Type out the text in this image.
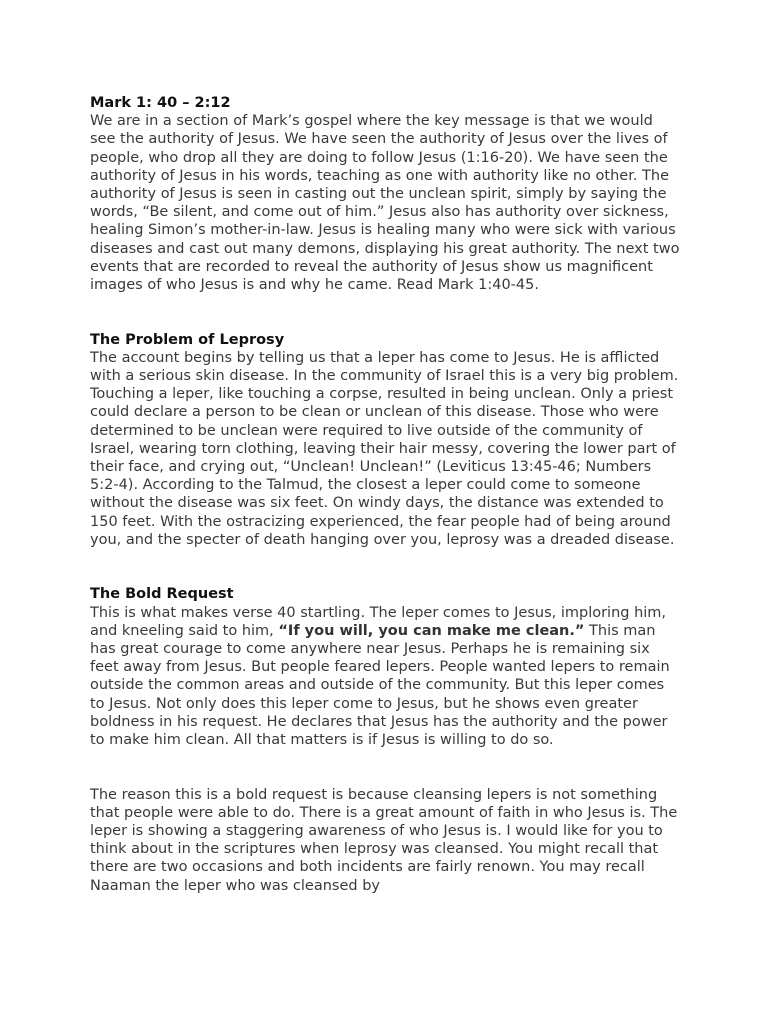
Mark 1: 40 – 2:12

We are in a section of Mark’s gospel where the key message is that we would see the authority of Jesus. We have seen the authority of Jesus over the lives of people, who drop all they are doing to follow Jesus (1:16-20). We have seen the authority of Jesus in his words, teaching as one with authority like no other. The authority of Jesus is seen in casting out the unclean spirit, simply by saying the words, “Be silent, and come out of him.” Jesus also has authority over sickness, healing Simon’s mother-in-law. Jesus is healing many who were sick with various diseases and cast out many demons, displaying his great authority. The next two events that are recorded to reveal the authority of Jesus show us magnificent images of who Jesus is and why he came. Read Mark 1:40-45.

The Problem of Leprosy

The account begins by telling us that a leper has come to Jesus. He is afflicted with a serious skin disease. In the community of Israel this is a very big problem. Touching a leper, like touching a corpse, resulted in being unclean. Only a priest could declare a person to be clean or unclean of this disease. Those who were determined to be unclean were required to live outside of the community of Israel, wearing torn clothing, leaving their hair messy, covering the lower part of their face, and crying out, “Unclean! Unclean!” (Leviticus 13:45-46; Numbers 5:2-4). According to the Talmud, the closest a leper could come to someone without the disease was six feet. On windy days, the distance was extended to 150 feet. With the ostracizing experienced, the fear people had of being around you, and the specter of death hanging over you, leprosy was a dreaded disease.

The Bold Request

This is what makes verse 40 startling. The leper comes to Jesus, imploring him, and kneeling said to him, “If you will, you can make me clean.” This man has great courage to come anywhere near Jesus. Perhaps he is remaining six feet away from Jesus. But people feared lepers. People wanted lepers to remain outside the common areas and outside of the community. But this leper comes to Jesus. Not only does this leper come to Jesus, but he shows even greater boldness in his request. He declares that Jesus has the authority and the power to make him clean. All that matters is if Jesus is willing to do so.

The reason this is a bold request is because cleansing lepers is not something that people were able to do. There is a great amount of faith in who Jesus is. The leper is showing a staggering awareness of who Jesus is. I would like for you to think about in the scriptures when leprosy was cleansed. You might recall that there are two occasions and both incidents are fairly renown. You may recall Naaman the leper who was cleansed by
